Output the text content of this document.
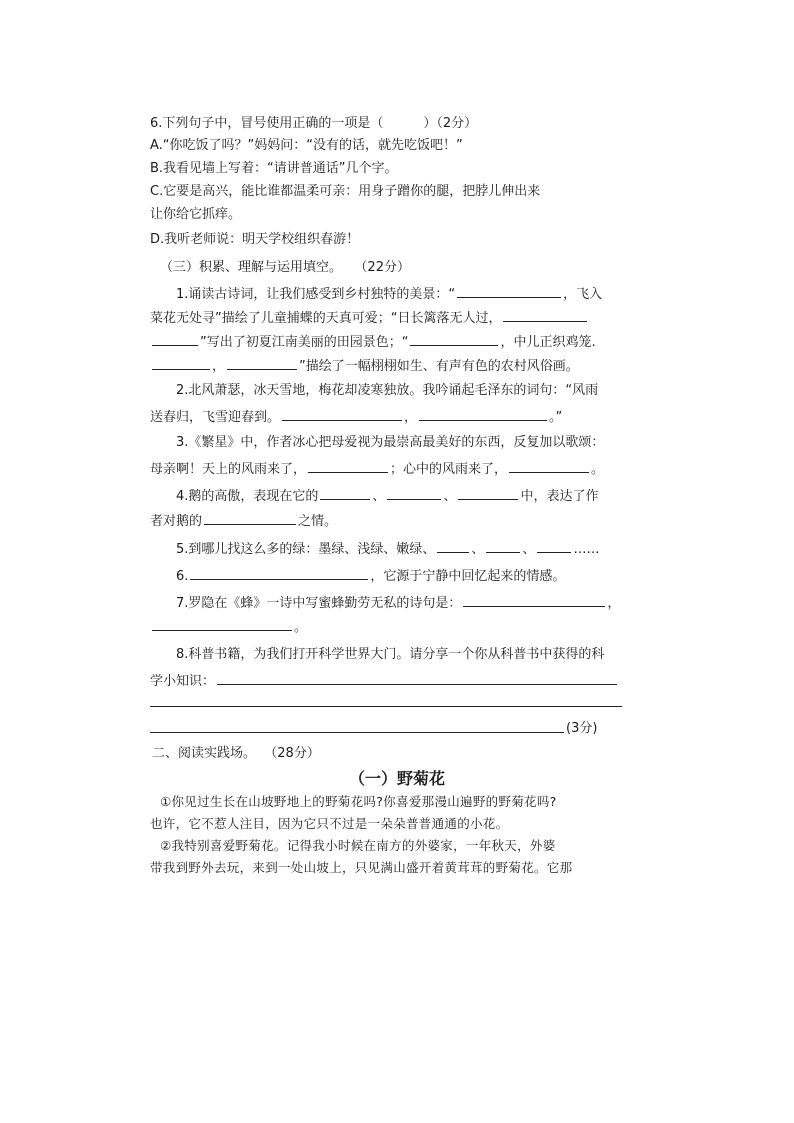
6.下列句子中，冒号使用正确的一项是（	）（2分）
A.“你吃饭了吗？”妈妈问：“没有的话，就先吃饭吧！”
B.我看见墙上写着：“请讲普通话”几个字。
C.它要是高兴，能比谁都温柔可亲：用身子蹭你的腿，把脖儿伸出来
让你给它抓痒。
D.我听老师说：明天学校组织春游！
（三）积累、理解与运用填空。 （22分）
1.诵读古诗词，让我们感受到乡村独特的美景：“	，飞入
菜花无处寻”描绘了儿童捕蝶的天真可爱；“日长篱落无人过，
”写出了初夏江南美丽的田园景色；“	，中儿正织鸡笼.
，	”描绘了一幅栩栩如生、有声有色的农村风俗画。
2.北风萧瑟，冰天雪地，梅花却凌寒独放。我吟诵起毛泽东的词句：“风雨
送春归，飞雪迎春到。	，	。”
3.《繁星》中，作者冰心把母爱视为最崇高最美好的东西，反复加以歌颂：
母亲啊！天上的风雨来了，	；心中的风雨来了，	。
4.鹅的高傲，表现在它的	、	、	中，表达了作
者对鹅的	之情。
5.到哪儿找这么多的绿：墨绿、浅绿、嫩绿、	、	、	……
6.	，它源于宁静中回忆起来的情感。
7.罗隐在《蜂》一诗中写蜜蜂勤劳无私的诗句是：	，
。
8.科普书籍，为我们打开科学世界大门。请分享一个你从科普书中获得的科
学小知识：
(3分)
二、阅读实践场。 （28分）
（一）野菊花
①你见过生长在山坡野地上的野菊花吗?你喜爱那漫山遍野的野菊花吗?
也许，它不惹人注目，因为它只不过是一朵朵普普通通的小花。
②我特别喜爱野菊花。记得我小时候在南方的外婆家，一年秋天，外婆
带我到野外去玩，来到一处山坡上，只见满山盛开着黄茸茸的野菊花。它那
